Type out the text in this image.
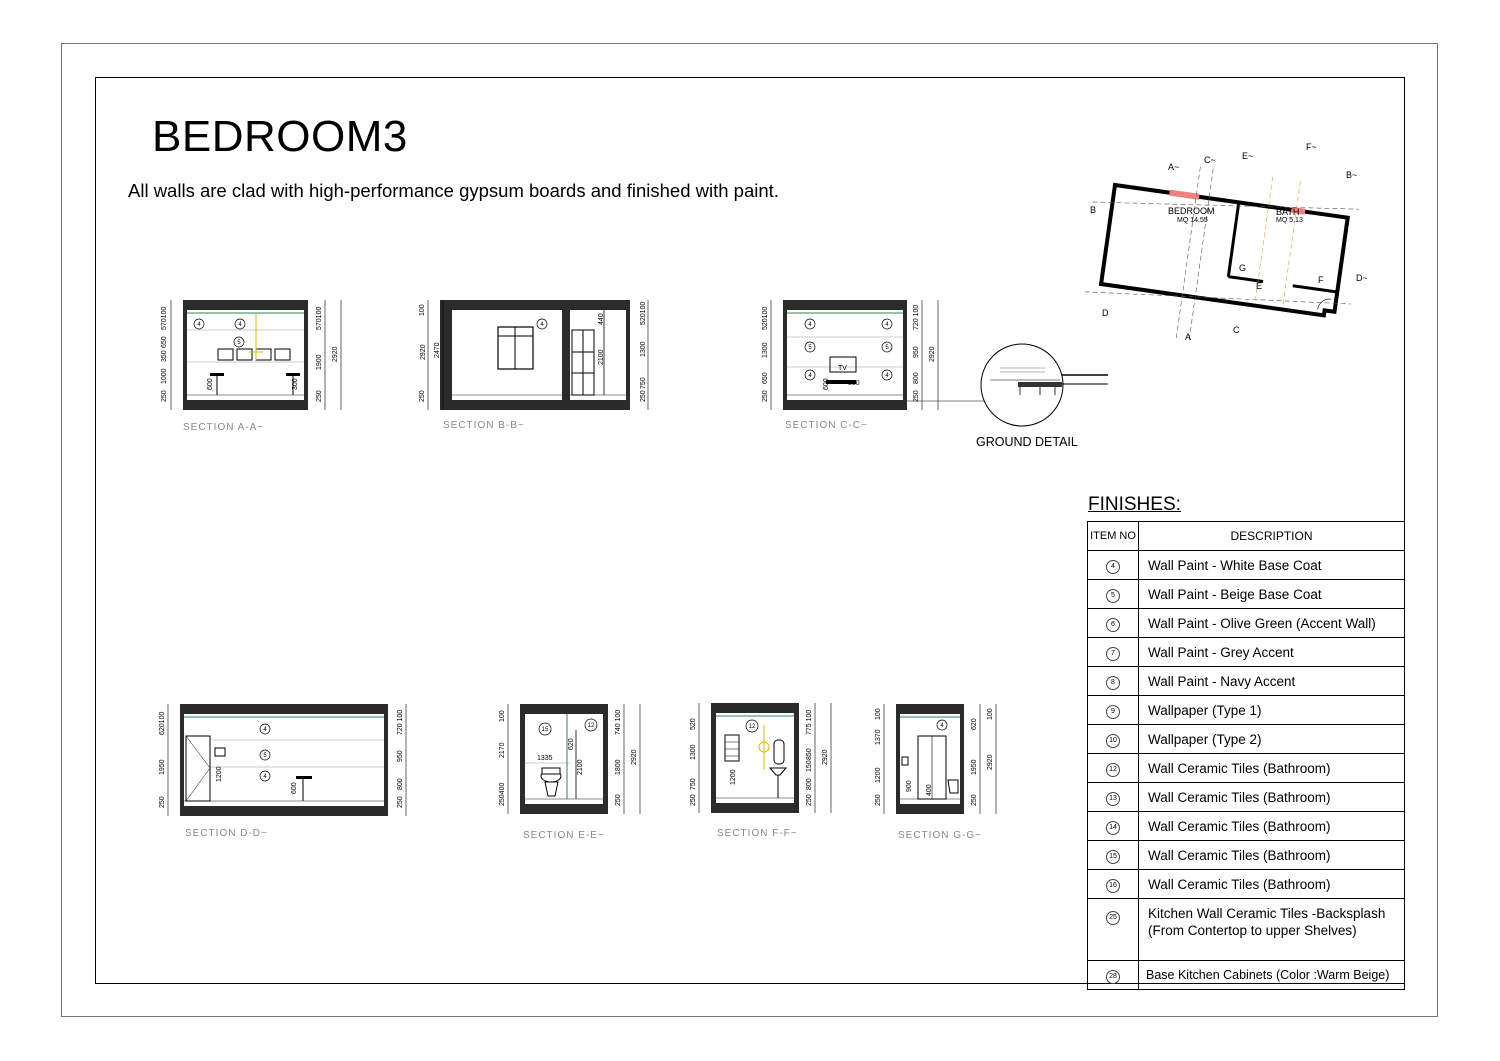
BEDROOM3
All walls are clad with high-performance gypsum boards and finished with paint.
4	4
5
570100
650
350
1000
250
570100
1900
250
2920
600	300
4
2920
100
2470
250
520100
1300
750
250
440
2100
4
5
4
4
5
4
TV
600	550
520100
1300
650
250
720 100
950
800
250
2920
4
5
4
620100
1950
250
720 100
950
800
250
1200
600
15
12
100
2170
250400
740 100
1800
250
2920
1335
620
2100
12
520
1300
750
250
775 100
850
150
800
250
2920
1200
4
100
1370
1200
250
620
100
1950
250
2920
900 400
BEDROOM
MQ 14.55
BATH
MQ 5.13
A~
C~	E~
F~
B~
B
D
D~
A
C
E
G
F
SECTION A-A~	SECTION B-B~	SECTION C-C~
SECTION D-D~	SECTION E-E~	SECTION F-F~	SECTION G-G~
GROUND DETAIL
FINISHES:
ITEM NO	DESCRIPTION
4	Wall Paint - White Base Coat
5	Wall Paint - Beige Base Coat
6	Wall Paint - Olive Green (Accent Wall)
7	Wall Paint - Grey Accent
8	Wall Paint - Navy Accent
9	Wallpaper (Type 1)
10	Wallpaper (Type 2)
12	Wall Ceramic Tiles (Bathroom)
13	Wall Ceramic Tiles (Bathroom)
14	Wall Ceramic Tiles (Bathroom)
15	Wall Ceramic Tiles (Bathroom)
16	Wall Ceramic Tiles (Bathroom)
25	Kitchen Wall Ceramic Tiles -Backsplash
(From Contertop to upper Shelves)
28	Base Kitchen Cabinets (Color :Warm Beige)
